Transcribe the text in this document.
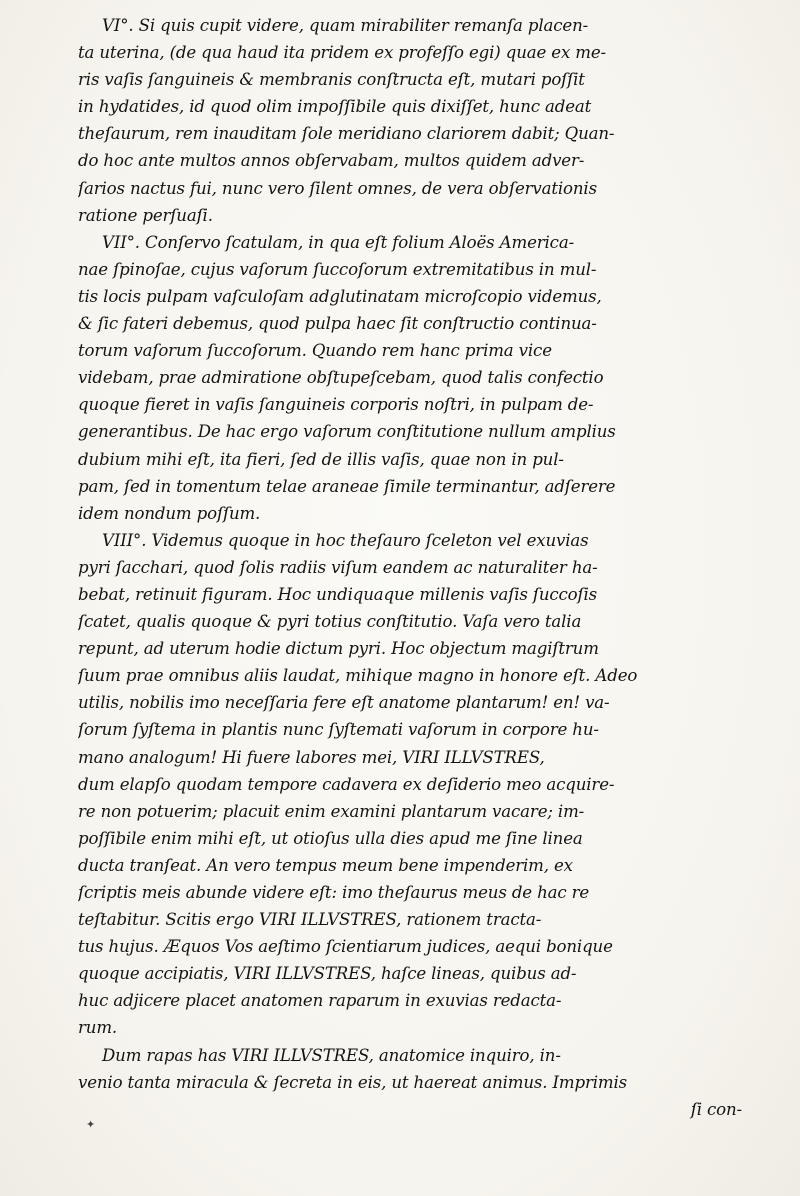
VI°. Si quis cupit videre, quam mirabiliter remanſa placen-
ta uterina, (de qua haud ita pridem ex profeſſo egi) quae ex me-
ris vaſis ſanguineis & membranis conſtructa eſt, mutari poſſit
in hydatides, id quod olim impoſſibile quis dixiſſet, hunc adeat
theſaurum, rem inauditam ſole meridiano clariorem dabit; Quan-
do hoc ante multos annos obſervabam, multos quidem adver-
ſarios nactus fui, nunc vero ſilent omnes, de vera obſervationis
ratione perſuaſi.
VII°. Conſervo ſcatulam, in qua eſt folium Aloës America-
nae ſpinoſae, cujus vaſorum ſuccoſorum extremitatibus in mul-
tis locis pulpam vaſculoſam adglutinatam microſcopio videmus,
& ſic fateri debemus, quod pulpa haec ſit conſtructio continua-
torum vaſorum ſuccoſorum. Quando rem hanc prima vice
videbam, prae admiratione obſtupeſcebam, quod talis confectio
quoque fieret in vaſis ſanguineis corporis noſtri, in pulpam de-
generantibus. De hac ergo vaſorum conſtitutione nullum amplius
dubium mihi eſt, ita fieri, ſed de illis vaſis, quae non in pul-
pam, ſed in tomentum telae araneae ſimile terminantur, adſerere
idem nondum poſſum.
VIII°. Videmus quoque in hoc theſauro ſceleton vel exuvias
pyri ſacchari, quod ſolis radiis viſum eandem ac naturaliter ha-
bebat, retinuit figuram. Hoc undiquaque millenis vaſis ſuccoſis
ſcatet, qualis quoque & pyri totius conſtitutio. Vaſa vero talia
repunt, ad uterum hodie dictum pyri. Hoc objectum magiſtrum
ſuum prae omnibus aliis laudat, mihique magno in honore eſt. Adeo
utilis, nobilis imo neceſſaria fere eſt anatome plantarum! en! va-
ſorum ſyſtema in plantis nunc ſyſtemati vaſorum in corpore hu-
mano analogum! Hi fuere labores mei, VIRI ILLVSTRES,
dum elapſo quodam tempore cadavera ex deſiderio meo acquire-
re non potuerim; placuit enim examini plantarum vacare; im-
poſſibile enim mihi eſt, ut otioſus ulla dies apud me ſine linea
ducta tranſeat. An vero tempus meum bene impenderim, ex
ſcriptis meis abunde videre eſt: imo theſaurus meus de hac re
teſtabitur. Scitis ergo VIRI ILLVSTRES, rationem tracta-
tus hujus. Æquos Vos aeſtimo ſcientiarum judices, aequi bonique
quoque accipiatis, VIRI ILLVSTRES, haſce lineas, quibus ad-
huc adjicere placet anatomen raparum in exuvias redacta-
rum.
Dum rapas has VIRI ILLVSTRES, anatomice inquiro, in-
venio tanta miracula & ſecreta in eis, ut haereat animus. Imprimis
ſi con-
✦
